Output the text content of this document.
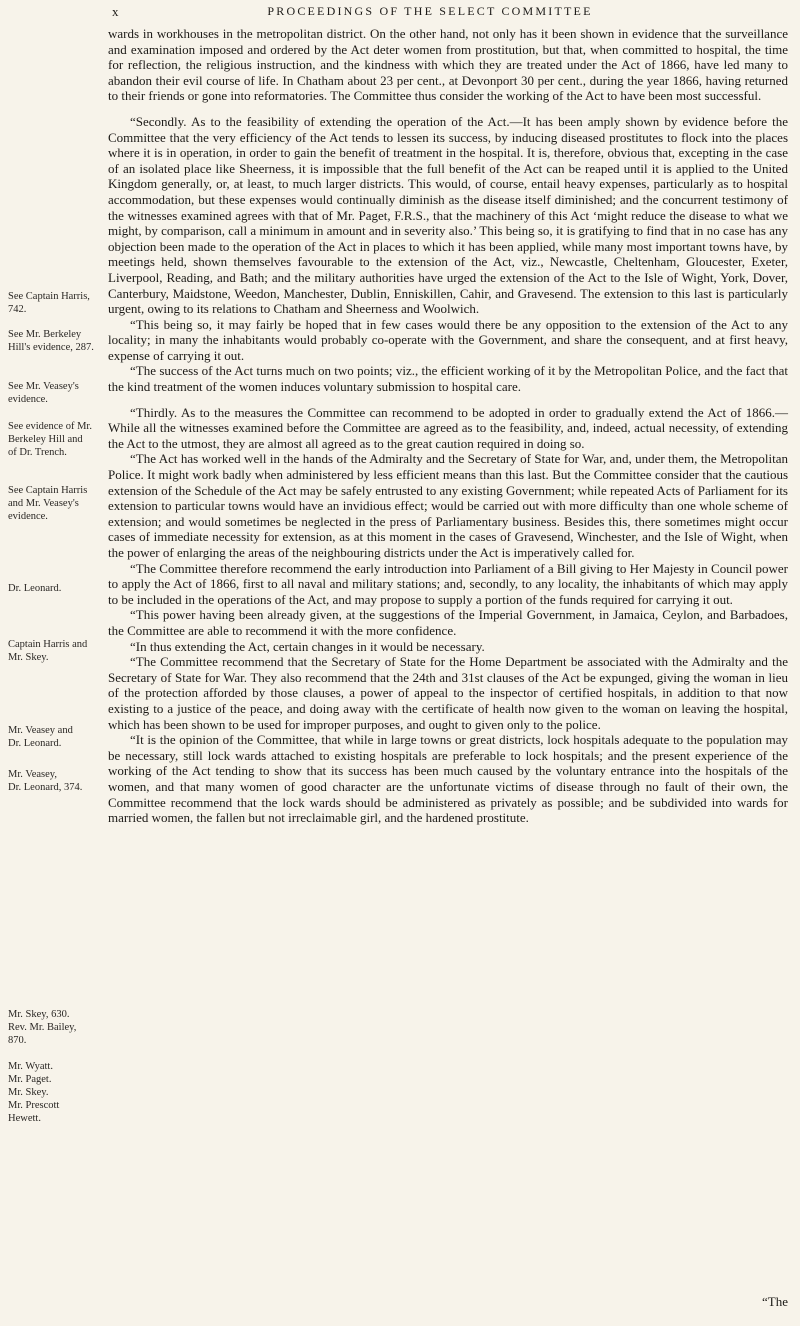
x	PROCEEDINGS OF THE SELECT COMMITTEE
See Captain Harris,
742.
See Mr. Berkeley
Hill's evidence, 287.
See Mr. Veasey's
evidence.
See evidence of Mr.
Berkeley Hill and
of Dr. Trench.
See Captain Harris
and Mr. Veasey's
evidence.
Dr. Leonard.
Captain Harris and
Mr. Skey.
Mr. Veasey and
Dr. Leonard.
Mr. Veasey,
Dr. Leonard, 374.
Mr. Skey, 630.
Rev. Mr. Bailey,
870.
Mr. Wyatt.
Mr. Paget.
Mr. Skey.
Mr. Prescott
Hewett.

wards in workhouses in the metropolitan district. On the other hand, not only has it been shown in evidence that the surveillance and examination imposed and ordered by the Act deter women from prostitution, but that, when committed to hospital, the time for reflection, the religious instruction, and the kindness with which they are treated under the Act of 1866, have led many to abandon their evil course of life. In Chatham about 23 per cent., at Devonport 30 per cent., during the year 1866, having returned to their friends or gone into reformatories. The Committee thus consider the working of the Act to have been most successful.

“Secondly. As to the feasibility of extending the operation of the Act.—It has been amply shown by evidence before the Committee that the very efficiency of the Act tends to lessen its success, by inducing diseased prostitutes to flock into the places where it is in operation, in order to gain the benefit of treatment in the hospital. It is, therefore, obvious that, excepting in the case of an isolated place like Sheerness, it is impossible that the full benefit of the Act can be reaped until it is applied to the United Kingdom generally, or, at least, to much larger districts. This would, of course, entail heavy expenses, particularly as to hospital accommodation, but these expenses would continually diminish as the disease itself diminished; and the concurrent testimony of the witnesses examined agrees with that of Mr. Paget, F.R.S., that the machinery of this Act ‘might reduce the disease to what we might, by comparison, call a minimum in amount and in severity also.’ This being so, it is gratifying to find that in no case has any objection been made to the operation of the Act in places to which it has been applied, while many most important towns have, by meetings held, shown themselves favourable to the extension of the Act, viz., Newcastle, Cheltenham, Gloucester, Exeter, Liverpool, Reading, and Bath; and the military authorities have urged the extension of the Act to the Isle of Wight, York, Dover, Canterbury, Maidstone, Weedon, Manchester, Dublin, Enniskillen, Cahir, and Gravesend. The extension to this last is particularly urgent, owing to its relations to Chatham and Sheerness and Woolwich.

“This being so, it may fairly be hoped that in few cases would there be any opposition to the extension of the Act to any locality; in many the inhabitants would probably co-operate with the Government, and share the consequent, and at first heavy, expense of carrying it out.

“The success of the Act turns much on two points; viz., the efficient working of it by the Metropolitan Police, and the fact that the kind treatment of the women induces voluntary submission to hospital care.

“Thirdly. As to the measures the Committee can recommend to be adopted in order to gradually extend the Act of 1866.—While all the witnesses examined before the Committee are agreed as to the feasibility, and, indeed, actual necessity, of extending the Act to the utmost, they are almost all agreed as to the great caution required in doing so.

“The Act has worked well in the hands of the Admiralty and the Secretary of State for War, and, under them, the Metropolitan Police. It might work badly when administered by less efficient means than this last. But the Committee consider that the cautious extension of the Schedule of the Act may be safely entrusted to any existing Government; while repeated Acts of Parliament for its extension to particular towns would have an invidious effect; would be carried out with more difficulty than one whole scheme of extension; and would sometimes be neglected in the press of Parliamentary business. Besides this, there sometimes might occur cases of immediate necessity for extension, as at this moment in the cases of Gravesend, Winchester, and the Isle of Wight, when the power of enlarging the areas of the neighbouring districts under the Act is imperatively called for.

“The Committee therefore recommend the early introduction into Parliament of a Bill giving to Her Majesty in Council power to apply the Act of 1866, first to all naval and military stations; and, secondly, to any locality, the inhabitants of which may apply to be included in the operations of the Act, and may propose to supply a portion of the funds required for carrying it out.

“This power having been already given, at the suggestions of the Imperial Government, in Jamaica, Ceylon, and Barbadoes, the Committee are able to recommend it with the more confidence.

“In thus extending the Act, certain changes in it would be necessary.

“The Committee recommend that the Secretary of State for the Home Department be associated with the Admiralty and the Secretary of State for War. They also recommend that the 24th and 31st clauses of the Act be expunged, giving the woman in lieu of the protection afforded by those clauses, a power of appeal to the inspector of certified hospitals, in addition to that now existing to a justice of the peace, and doing away with the certificate of health now given to the woman on leaving the hospital, which has been shown to be used for improper purposes, and ought to given only to the police.

“It is the opinion of the Committee, that while in large towns or great districts, lock hospitals adequate to the population may be necessary, still lock wards attached to existing hospitals are preferable to lock hospitals; and the present experience of the working of the Act tending to show that its success has been much caused by the voluntary entrance into the hospitals of the women, and that many women of good character are the unfortunate victims of disease through no fault of their own, the Committee recommend that the lock wards should be administered as privately as possible; and be subdivided into wards for married women, the fallen but not irreclaimable girl, and the hardened prostitute.

“The
